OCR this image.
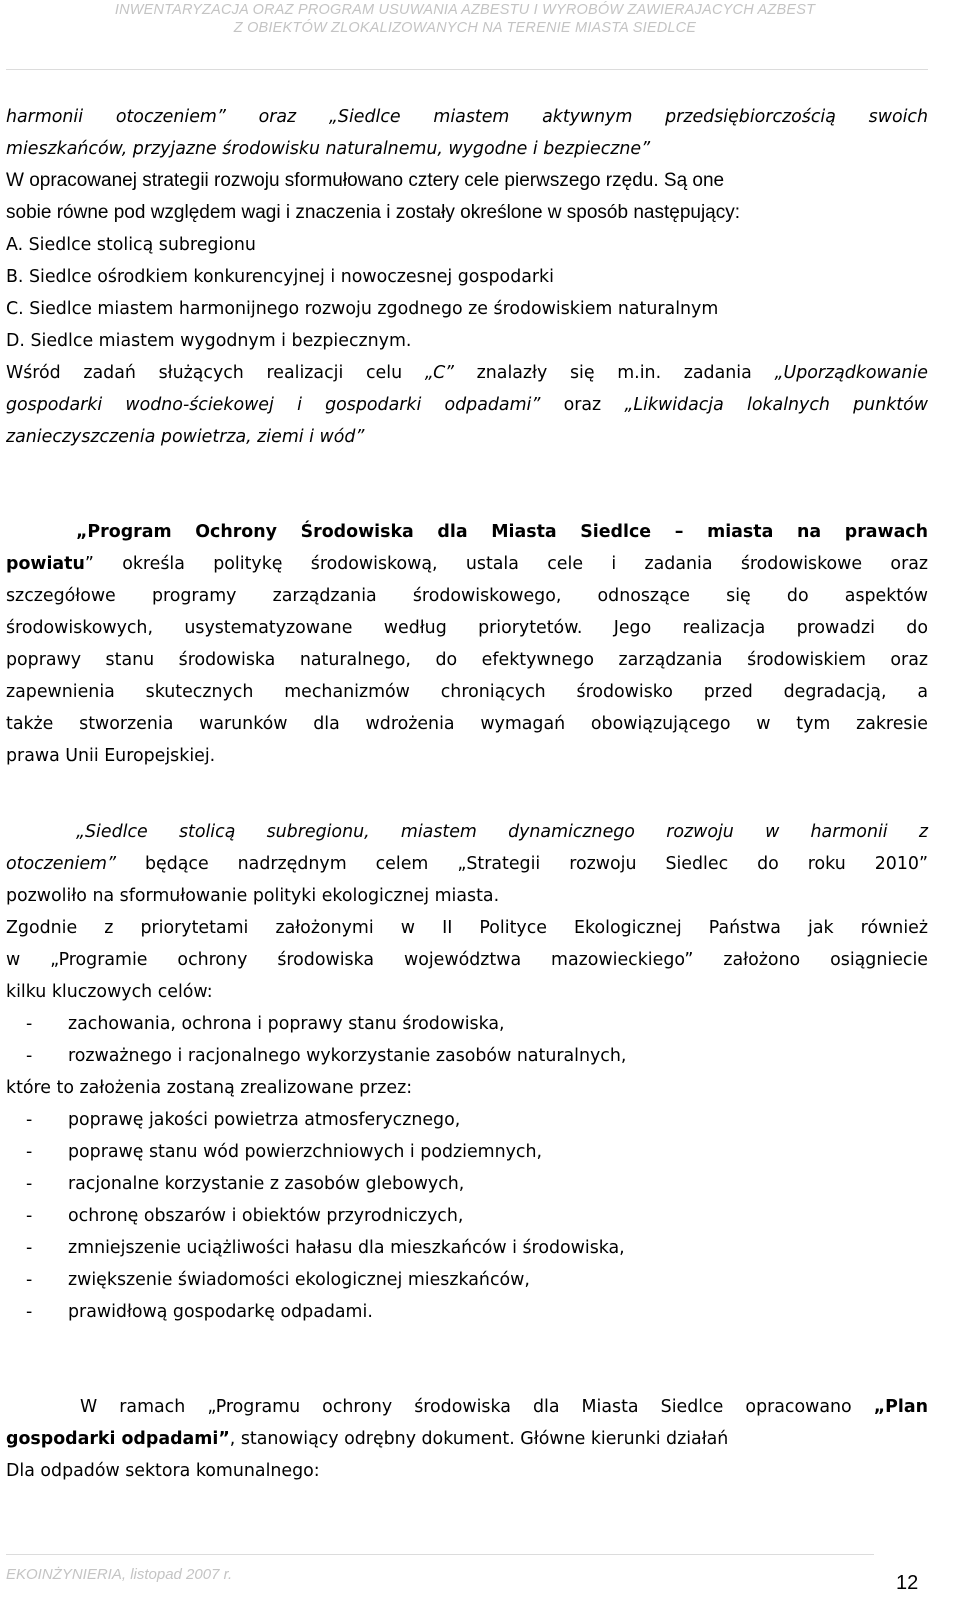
INWENTARYZACJA ORAZ PROGRAM USUWANIA AZBESTU I WYROBÓW ZAWIERAJACYCH AZBEST
Z OBIEKTÓW ZLOKALIZOWANYCH NA TERENIE MIASTA SIEDLCE
harmonii otoczeniem” oraz „Siedlce miastem aktywnym przedsiębiorczością swoich
mieszkańców, przyjazne środowisku naturalnemu, wygodne i bezpieczne”
W opracowanej strategii rozwoju sformułowano cztery cele pierwszego rzędu. Są one
sobie równe pod względem wagi i znaczenia i zostały określone w sposób następujący:
A. Siedlce stolicą subregionu
B. Siedlce ośrodkiem konkurencyjnej i nowoczesnej gospodarki
C. Siedlce miastem harmonijnego rozwoju zgodnego ze środowiskiem naturalnym
D. Siedlce miastem wygodnym i bezpiecznym.
Wśród zadań służących realizacji celu „C” znalazły się m.in. zadania „Uporządkowanie
gospodarki wodno-ściekowej i gospodarki odpadami” oraz „Likwidacja lokalnych punktów
zanieczyszczenia powietrza, ziemi i wód”
„Program Ochrony Środowiska dla Miasta Siedlce – miasta na prawach
powiatu” określa politykę środowiskową, ustala cele i zadania środowiskowe oraz
szczegółowe programy zarządzania środowiskowego, odnoszące się do aspektów
środowiskowych, usystematyzowane według priorytetów. Jego realizacja prowadzi do
poprawy stanu środowiska naturalnego, do efektywnego zarządzania środowiskiem oraz
zapewnienia skutecznych mechanizmów chroniących środowisko przed degradacją, a
także stworzenia warunków dla wdrożenia wymagań obowiązującego w tym zakresie
prawa Unii Europejskiej.
„Siedlce stolicą subregionu, miastem dynamicznego rozwoju w harmonii z
otoczeniem” będące nadrzędnym celem „Strategii rozwoju Siedlec do roku 2010”
pozwoliło na sformułowanie polityki ekologicznej miasta.
Zgodnie z priorytetami założonymi w II Polityce Ekologicznej Państwa jak również
w „Programie ochrony środowiska województwa mazowieckiego” założono osiągniecie
kilku kluczowych celów:
- zachowania, ochrona i poprawy stanu środowiska,
- rozważnego i racjonalnego wykorzystanie zasobów naturalnych,
które to założenia zostaną zrealizowane przez:
- poprawę jakości powietrza atmosferycznego,
- poprawę stanu wód powierzchniowych i podziemnych,
- racjonalne korzystanie z zasobów glebowych,
- ochronę obszarów i obiektów przyrodniczych,
- zmniejszenie uciążliwości hałasu dla mieszkańców i środowiska,
- zwiększenie świadomości ekologicznej mieszkańców,
- prawidłową gospodarkę odpadami.
W ramach „Programu ochrony środowiska dla Miasta Siedlce opracowano „Plan
gospodarki odpadami”, stanowiący odrębny dokument. Główne kierunki działań
Dla odpadów sektora komunalnego:
EKOINŻYNIERIA, listopad 2007 r.	12
